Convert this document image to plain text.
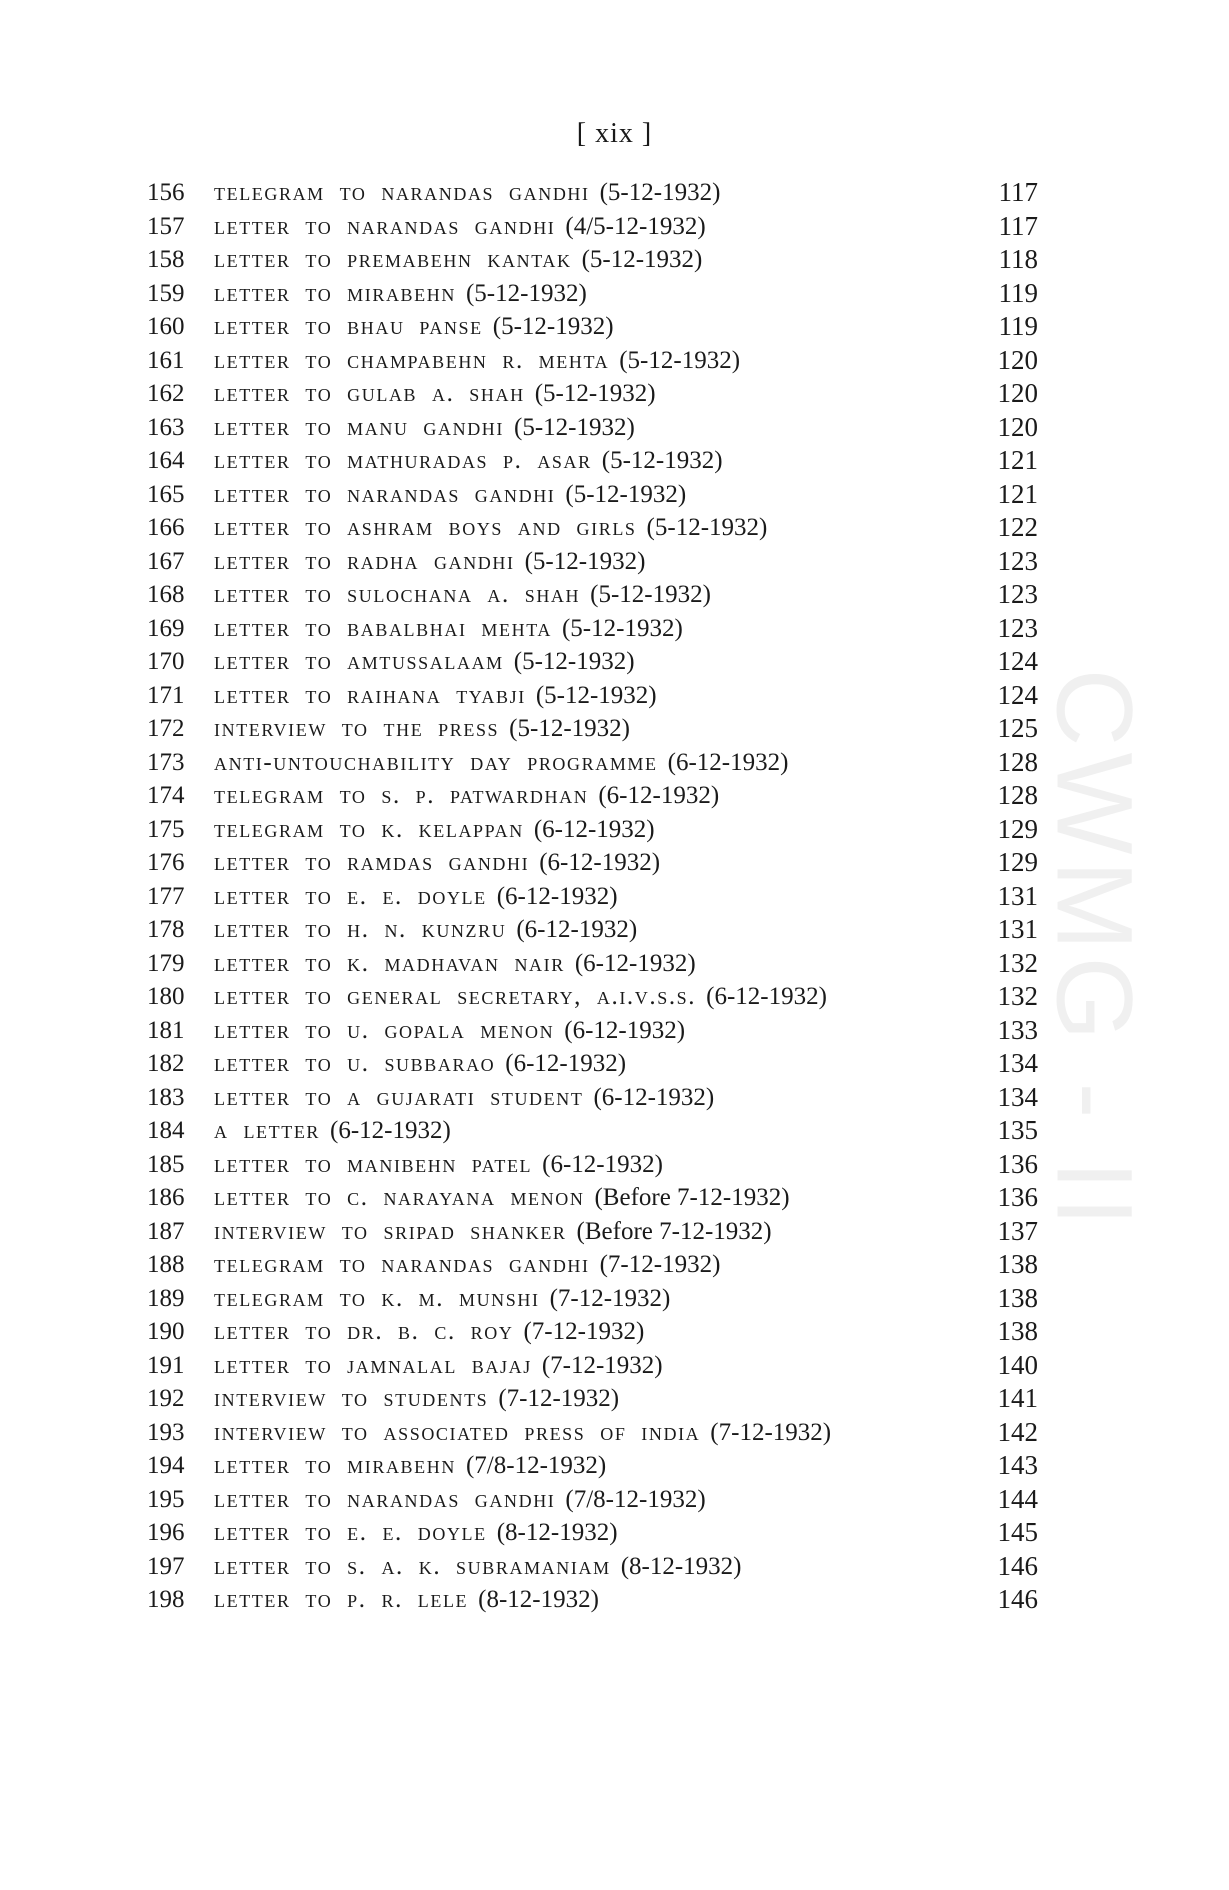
[ xix ]
CWMG - II
156	telegram to narandas gandhi (5-12-1932)	117
157	letter to narandas gandhi (4/5-12-1932)	117
158	letter to premabehn kantak (5-12-1932)	118
159	letter to mirabehn (5-12-1932)	119
160	letter to bhau panse (5-12-1932)	119
161	letter to champabehn r. mehta (5-12-1932)	120
162	letter to gulab a. shah (5-12-1932)	120
163	letter to manu gandhi (5-12-1932)	120
164	letter to mathuradas p. asar (5-12-1932)	121
165	letter to narandas gandhi (5-12-1932)	121
166	letter to ashram boys and girls (5-12-1932)	122
167	letter to radha gandhi (5-12-1932)	123
168	letter to sulochana a. shah (5-12-1932)	123
169	letter to babalbhai mehta (5-12-1932)	123
170	letter to amtussalaam (5-12-1932)	124
171	letter to raihana tyabji (5-12-1932)	124
172	interview to the press (5-12-1932)	125
173	anti-untouchability day programme (6-12-1932)	128
174	telegram to s. p. patwardhan (6-12-1932)	128
175	telegram to k. kelappan (6-12-1932)	129
176	letter to ramdas gandhi (6-12-1932)	129
177	letter to e. e. doyle (6-12-1932)	131
178	letter to h. n. kunzru (6-12-1932)	131
179	letter to k. madhavan nair (6-12-1932)	132
180	letter to general secretary, a.i.v.s.s. (6-12-1932)	132
181	letter to u. gopala menon (6-12-1932)	133
182	letter to u. subbarao (6-12-1932)	134
183	letter to a gujarati student (6-12-1932)	134
184	a letter (6-12-1932)	135
185	letter to manibehn patel (6-12-1932)	136
186	letter to c. narayana menon (Before 7-12-1932)	136
187	interview to sripad shanker (Before 7-12-1932)	137
188	telegram to narandas gandhi (7-12-1932)	138
189	telegram to k. m. munshi (7-12-1932)	138
190	letter to dr. b. c. roy (7-12-1932)	138
191	letter to jamnalal bajaj (7-12-1932)	140
192	interview to students (7-12-1932)	141
193	interview to associated press of india (7-12-1932)	142
194	letter to mirabehn (7/8-12-1932)	143
195	letter to narandas gandhi (7/8-12-1932)	144
196	letter to e. e. doyle (8-12-1932)	145
197	letter to s. a. k. subramaniam (8-12-1932)	146
198	letter to p. r. lele (8-12-1932)	146
